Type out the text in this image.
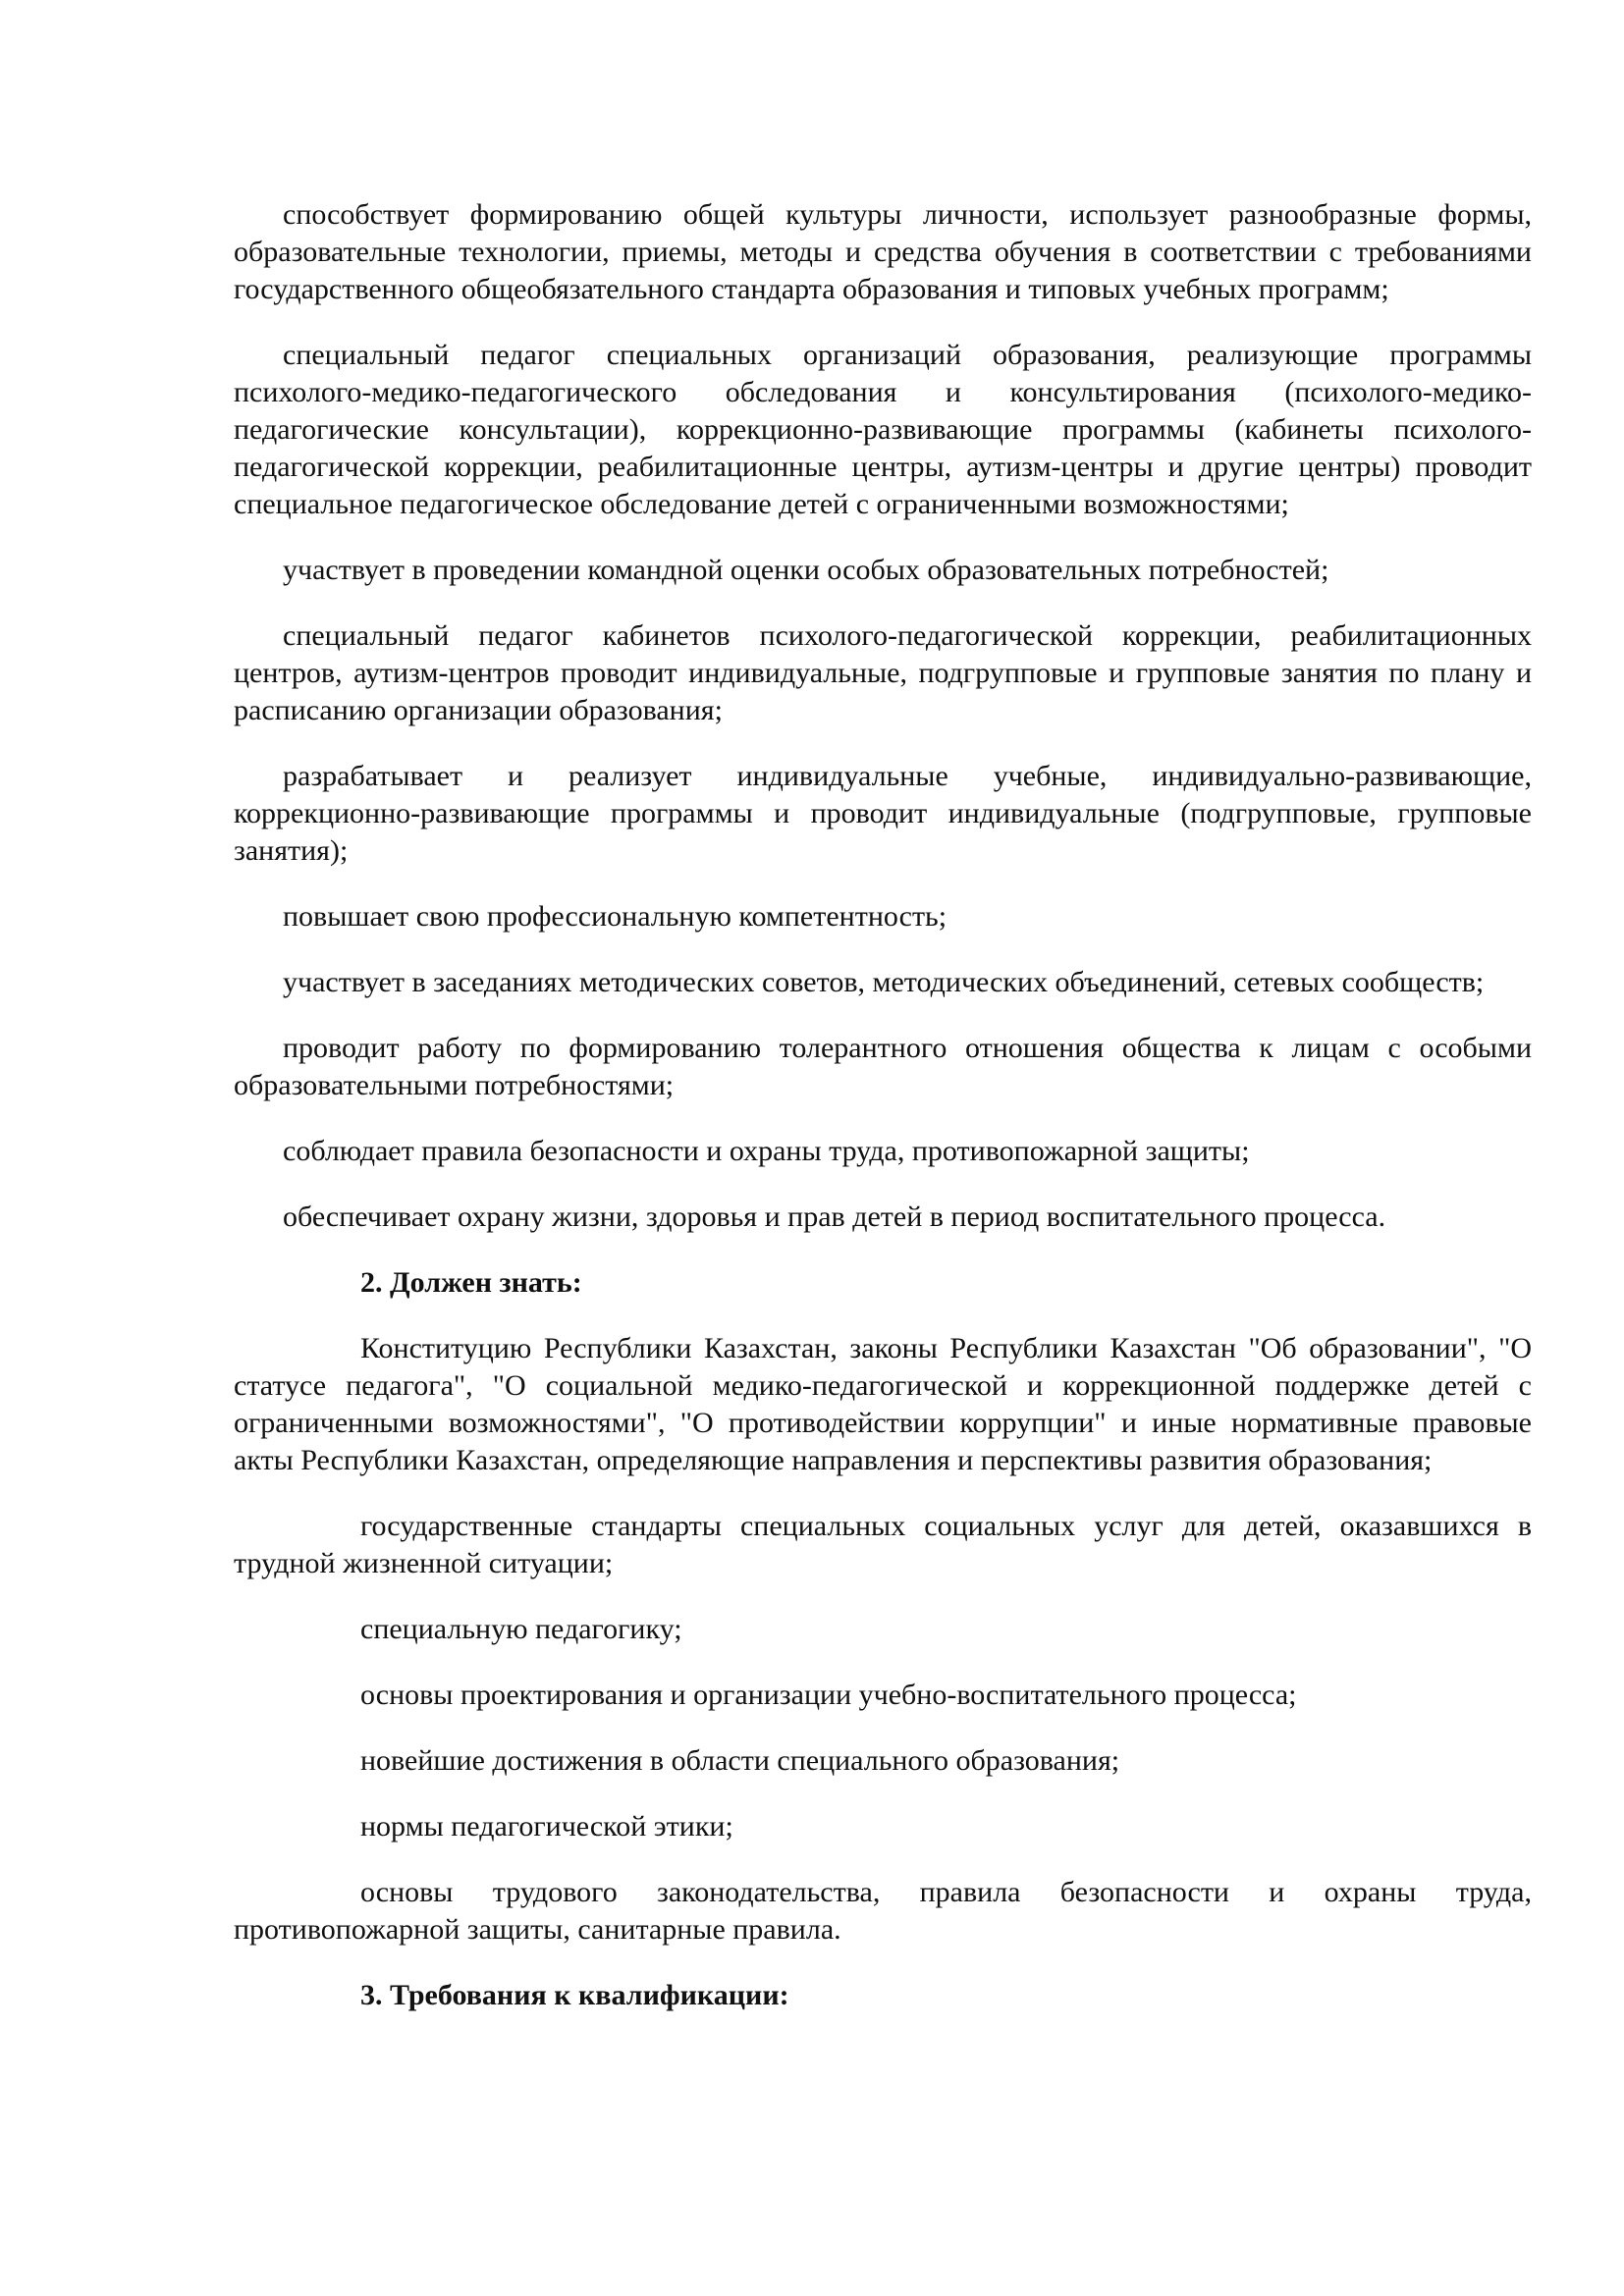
способствует формированию общей культуры личности, использует разнообразные формы, образовательные технологии, приемы, методы и средства обучения в соответствии с требованиями государственного общеобязательного стандарта образования и типовых учебных программ;

специальный педагог специальных организаций образования, реализующие программы психолого-медико-педагогического обследования и консультирования (психолого-медико-педагогические консультации), коррекционно-развивающие программы (кабинеты психолого-педагогической коррекции, реабилитационные центры, аутизм-центры и другие центры) проводит специальное педагогическое обследование детей с ограниченными возможностями;

участвует в проведении командной оценки особых образовательных потребностей;

специальный педагог кабинетов психолого-педагогической коррекции, реабилитационных центров, аутизм-центров проводит индивидуальные, подгрупповые и групповые занятия по плану и расписанию организации образования;

разрабатывает и реализует индивидуальные учебные, индивидуально-развивающие, коррекционно-развивающие программы и проводит индивидуальные (подгрупповые, групповые занятия);

повышает свою профессиональную компетентность;

участвует в заседаниях методических советов, методических объединений, сетевых сообществ;

проводит работу по формированию толерантного отношения общества к лицам с особыми образовательными потребностями;

соблюдает правила безопасности и охраны труда, противопожарной защиты;

обеспечивает охрану жизни, здоровья и прав детей в период воспитательного процесса.

2. Должен знать:

Конституцию Республики Казахстан, законы Республики Казахстан "Об образовании", "О статусе педагога", "О социальной медико-педагогической и коррекционной поддержке детей с ограниченными возможностями", "О противодействии коррупции" и иные нормативные правовые акты Республики Казахстан, определяющие направления и перспективы развития образования;

государственные стандарты специальных социальных услуг для детей, оказавшихся в трудной жизненной ситуации;

специальную педагогику;

основы проектирования и организации учебно-воспитательного процесса;

новейшие достижения в области специального образования;

нормы педагогической этики;

основы трудового законодательства, правила безопасности и охраны труда, противопожарной защиты, санитарные правила.

3. Требования к квалификации:
